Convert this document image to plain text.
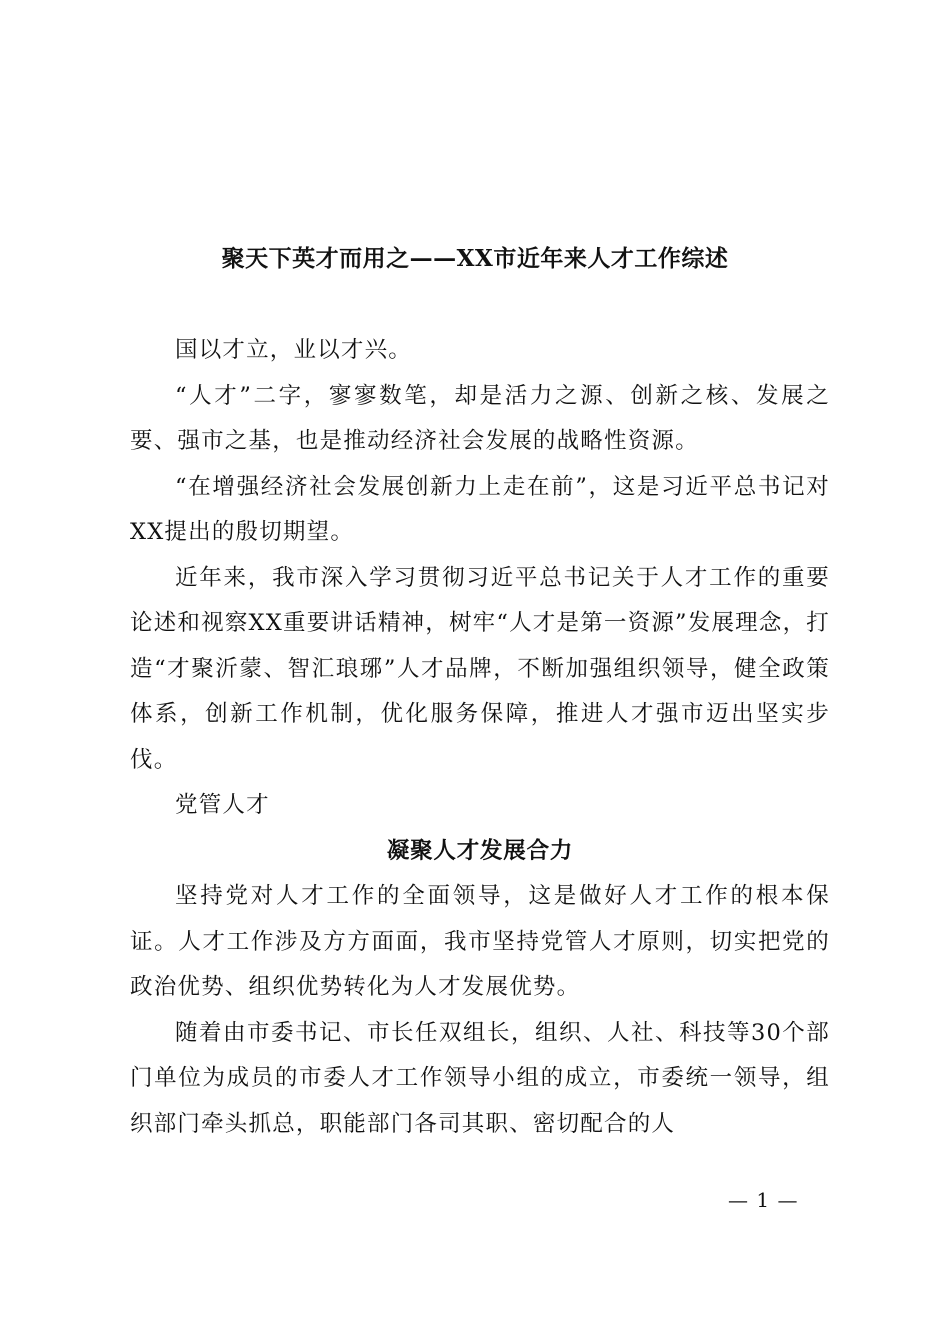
聚天下英才而用之——XX市近年来人才工作综述

国以才立，业以才兴。

“人才”二字，寥寥数笔，却是活力之源、创新之核、发展之要、强市之基，也是推动经济社会发展的战略性资源。

“在增强经济社会发展创新力上走在前”，这是习近平总书记对XX提出的殷切期望。

近年来，我市深入学习贯彻习近平总书记关于人才工作的重要论述和视察XX重要讲话精神，树牢“人才是第一资源”发展理念，打造“才聚沂蒙、智汇琅琊”人才品牌，不断加强组织领导，健全政策体系，创新工作机制，优化服务保障，推进人才强市迈出坚实步伐。

党管人才

凝聚人才发展合力

坚持党对人才工作的全面领导，这是做好人才工作的根本保证。人才工作涉及方方面面，我市坚持党管人才原则，切实把党的政治优势、组织优势转化为人才发展优势。

随着由市委书记、市长任双组长，组织、人社、科技等30个部门单位为成员的市委人才工作领导小组的成立，市委统一领导，组织部门牵头抓总，职能部门各司其职、密切配合的人

— 1 —
